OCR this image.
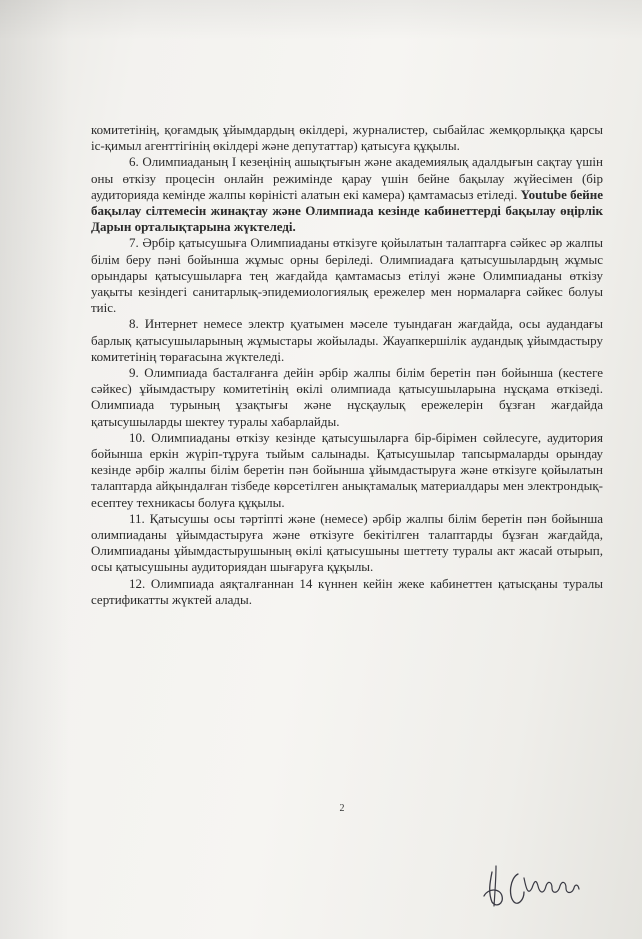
комитетінің, қоғамдық ұйымдардың өкілдері, журналистер, сыбайлас жемқорлыққа қарсы іс-қимыл агенттігінің өкілдері және депутаттар) қатысуға құқылы.

6. Олимпиаданың I кезеңінің ашықтығын және академиялық адалдығын сақтау үшін оны өткізу процесін онлайн режимінде қарау үшін бейне бақылау жүйесімен (бір аудиторияда кемінде жалпы көріністі алатын екі камера) қамтамасыз етіледі. Youtube бейне бақылау сілтемесін жинақтау және Олимпиада кезінде кабинеттерді бақылау өңірлік Дарын орталықтарына жүктеледі.

7. Әрбір қатысушыға Олимпиаданы өткізуге қойылатын талаптарға сәйкес әр жалпы білім беру пәні бойынша жұмыс орны беріледі. Олимпиадаға қатысушылардың жұмыс орындары қатысушыларға тең жағдайда қамтамасыз етілуі және Олимпиаданы өткізу уақыты кезіндегі санитарлық-эпидемиологиялық ережелер мен нормаларға сәйкес болуы тиіс.

8. Интернет немесе электр қуатымен мәселе туындаған жағдайда, осы аудандағы барлық қатысушыларының жұмыстары жойылады. Жауапкершілік аудандық ұйымдастыру комитетінің төрағасына жүктеледі.

9. Олимпиада басталғанға дейін әрбір жалпы білім беретін пән бойынша (кестеге сәйкес) ұйымдастыру комитетінің өкілі олимпиада қатысушыларына нұсқама өткізеді. Олимпиада турының ұзақтығы және нұсқаулық ережелерін бұзған жағдайда қатысушыларды шектеу туралы хабарлайды.

10. Олимпиаданы өткізу кезінде қатысушыларға бір-бірімен сөйлесуге, аудитория бойынша еркін жүріп-тұруға тыйым салынады. Қатысушылар тапсырмаларды орындау кезінде әрбір жалпы білім беретін пән бойынша ұйымдастыруға және өткізуге қойылатын талаптарда айқындалған тізбеде көрсетілген анықтамалық материалдары мен электрондық-есептеу техникасы болуға құқылы.

11. Қатысушы осы тәртіпті және (немесе) әрбір жалпы білім беретін пән бойынша олимпиаданы ұйымдастыруға және өткізуге бекітілген талаптарды бұзған жағдайда, Олимпиаданы ұйымдастырушының өкілі қатысушыны шеттету туралы акт жасай отырып, осы қатысушыны аудиториядан шығаруға құқылы.

12. Олимпиада аяқталғаннан 14 күннен кейін жеке кабинеттен қатысқаны туралы сертификатты жүктей алады.

2
